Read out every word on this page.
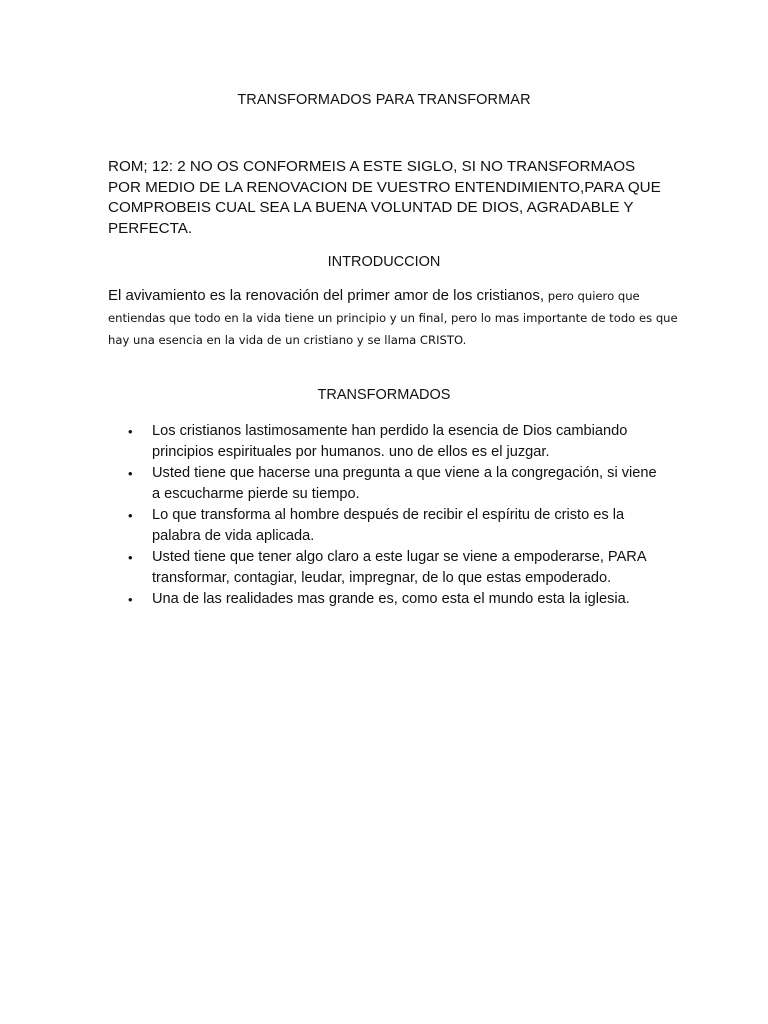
TRANSFORMADOS PARA TRANSFORMAR
ROM; 12: 2 NO OS CONFORMEIS A ESTE SIGLO, SI NO TRANSFORMAOS POR MEDIO DE LA RENOVACION DE VUESTRO ENTENDIMIENTO,PARA QUE COMPROBEIS CUAL SEA LA BUENA VOLUNTAD DE DIOS, AGRADABLE Y PERFECTA.
INTRODUCCION
El avivamiento es la renovación del primer amor de los cristianos, pero quiero que entiendas que todo en la vida tiene un principio y un final, pero lo mas importante de todo es que hay una esencia en la vida de un cristiano y se llama CRISTO.
TRANSFORMADOS
• Los cristianos lastimosamente han perdido la esencia de Dios cambiando principios espirituales por humanos. uno de ellos es el juzgar.
• Usted tiene que hacerse una pregunta a que viene a la congregación, si viene a escucharme pierde su tiempo.
• Lo que transforma al hombre después de recibir el espíritu de cristo es la palabra de vida aplicada.
• Usted tiene que tener algo claro a este lugar se viene a empoderarse, PARA transformar, contagiar, leudar, impregnar, de lo que estas empoderado.
• Una de las realidades mas grande es, como esta el mundo esta la iglesia.
